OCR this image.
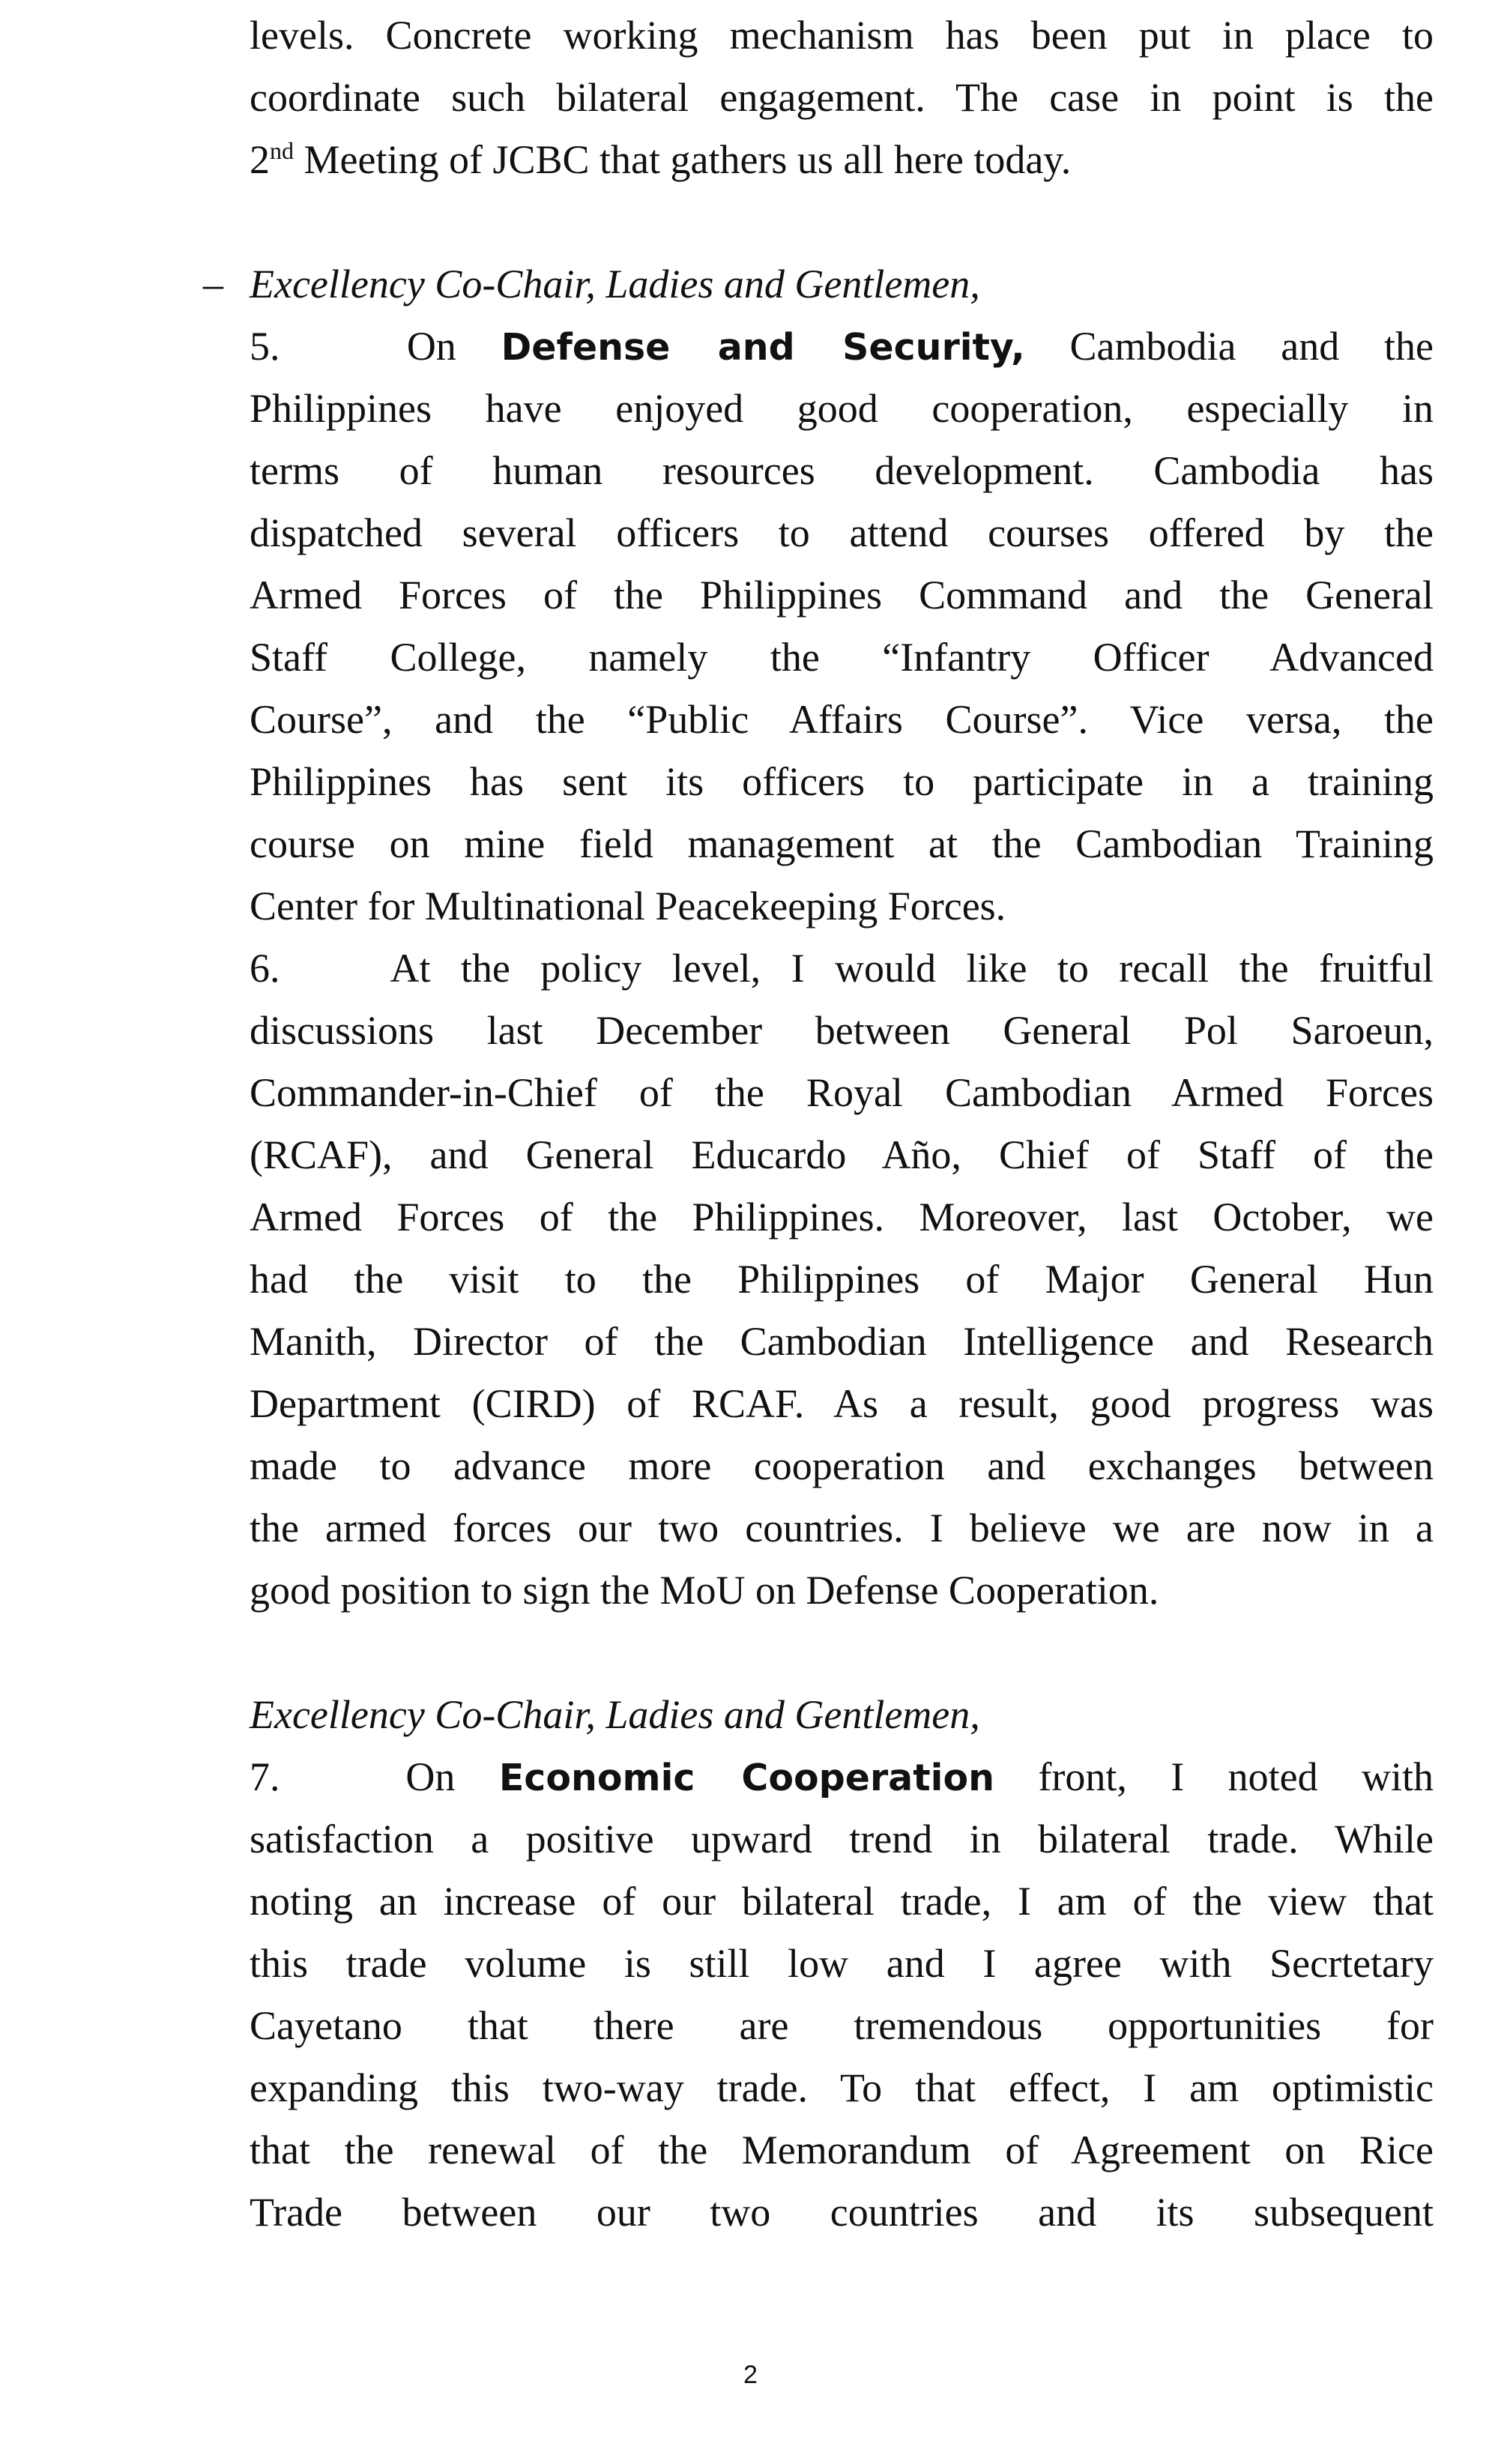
levels. Concrete working mechanism has been put in place to
coordinate such bilateral engagement. The case in point is the
2nd Meeting of JCBC that gathers us all here today.
– Excellency Co-Chair, Ladies and Gentlemen,
5.	On Defense and Security, Cambodia and the
Philippines have enjoyed good cooperation, especially in
terms of human resources development. Cambodia has
dispatched several officers to attend courses offered by the
Armed Forces of the Philippines Command and the General
Staff College, namely the “Infantry Officer Advanced
Course”, and the “Public Affairs Course”. Vice versa, the
Philippines has sent its officers to participate in a training
course on mine field management at the Cambodian Training
Center for Multinational Peacekeeping Forces.
6.	At the policy level, I would like to recall the fruitful
discussions last December between General Pol Saroeun,
Commander-in-Chief of the Royal Cambodian Armed Forces
(RCAF), and General Educardo Año, Chief of Staff of the
Armed Forces of the Philippines. Moreover, last October, we
had the visit to the Philippines of Major General Hun
Manith, Director of the Cambodian Intelligence and Research
Department (CIRD) of RCAF. As a result, good progress was
made to advance more cooperation and exchanges between
the armed forces our two countries. I believe we are now in a
good position to sign the MoU on Defense Cooperation.
Excellency Co-Chair, Ladies and Gentlemen,
7.	On Economic Cooperation front, I noted with
satisfaction a positive upward trend in bilateral trade. While
noting an increase of our bilateral trade, I am of the view that
this trade volume is still low and I agree with Secrtetary
Cayetano that there are tremendous opportunities for
expanding this two-way trade. To that effect, I am optimistic
that the renewal of the Memorandum of Agreement on Rice
Trade between our two countries and its subsequent
2
